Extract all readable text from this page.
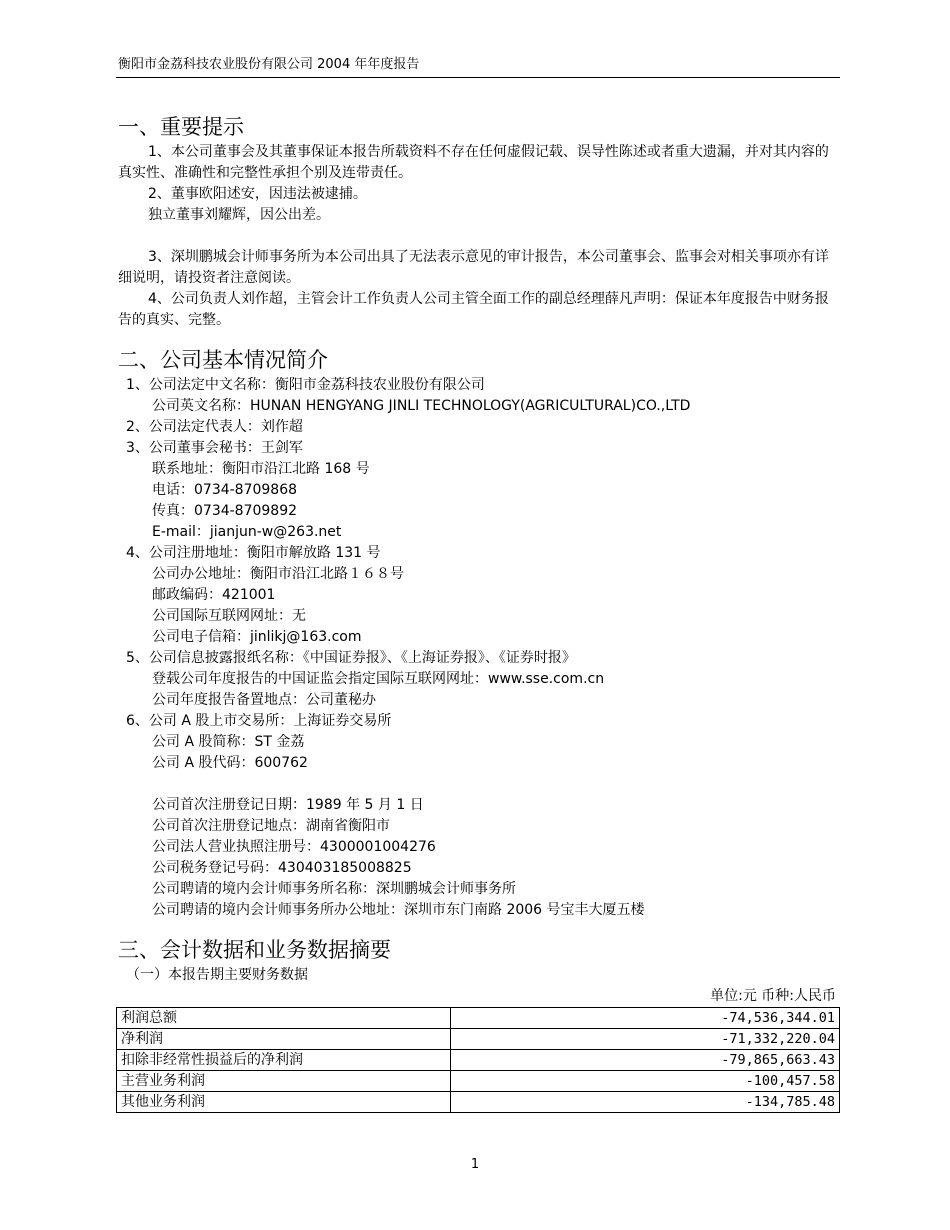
衡阳市金荔科技农业股份有限公司 2004 年年度报告
一、重要提示

1、本公司董事会及其董事保证本报告所载资料不存在任何虚假记载、误导性陈述或者重大遗漏，并对其内容的真实性、准确性和完整性承担个别及连带责任。

2、董事欧阳述安，因违法被逮捕。

独立董事刘耀辉，因公出差。

3、深圳鹏城会计师事务所为本公司出具了无法表示意见的审计报告，本公司董事会、监事会对相关事项亦有详细说明，请投资者注意阅读。

4、公司负责人刘作超，主管会计工作负责人公司主管全面工作的副总经理薛凡声明：保证本年度报告中财务报告的真实、完整。

二、公司基本情况简介
1、公司法定中文名称：衡阳市金荔科技农业股份有限公司
公司英文名称：HUNAN HENGYANG JINLI TECHNOLOGY(AGRICULTURAL)CO.,LTD
2、公司法定代表人：刘作超
3、公司董事会秘书：王剑军
联系地址：衡阳市沿江北路 168 号
电话：0734-8709868
传真：0734-8709892
E-mail：jianjun-w@263.net
4、公司注册地址：衡阳市解放路 131 号
公司办公地址：衡阳市沿江北路１６８号
邮政编码：421001
公司国际互联网网址：无
公司电子信箱：jinlikj@163.com
5、公司信息披露报纸名称：《中国证券报》、《上海证券报》、《证券时报》
登载公司年度报告的中国证监会指定国际互联网网址：www.sse.com.cn
公司年度报告备置地点：公司董秘办
6、公司 A 股上市交易所：上海证券交易所
公司 A 股简称：ST 金荔
公司 A 股代码：600762

公司首次注册登记日期：1989 年 5 月 1 日
公司首次注册登记地点：湖南省衡阳市
公司法人营业执照注册号：4300001004276
公司税务登记号码：430403185008825
公司聘请的境内会计师事务所名称：深圳鹏城会计师事务所
公司聘请的境内会计师事务所办公地址：深圳市东门南路 2006 号宝丰大厦五楼
三、会计数据和业务数据摘要

（一）本报告期主要财务数据

单位:元 币种:人民币

利润总额	-74,536,344.01
净利润	-71,332,220.04
扣除非经常性损益后的净利润	-79,865,663.43
主营业务利润	-100,457.58
其他业务利润	-134,785.48
1
